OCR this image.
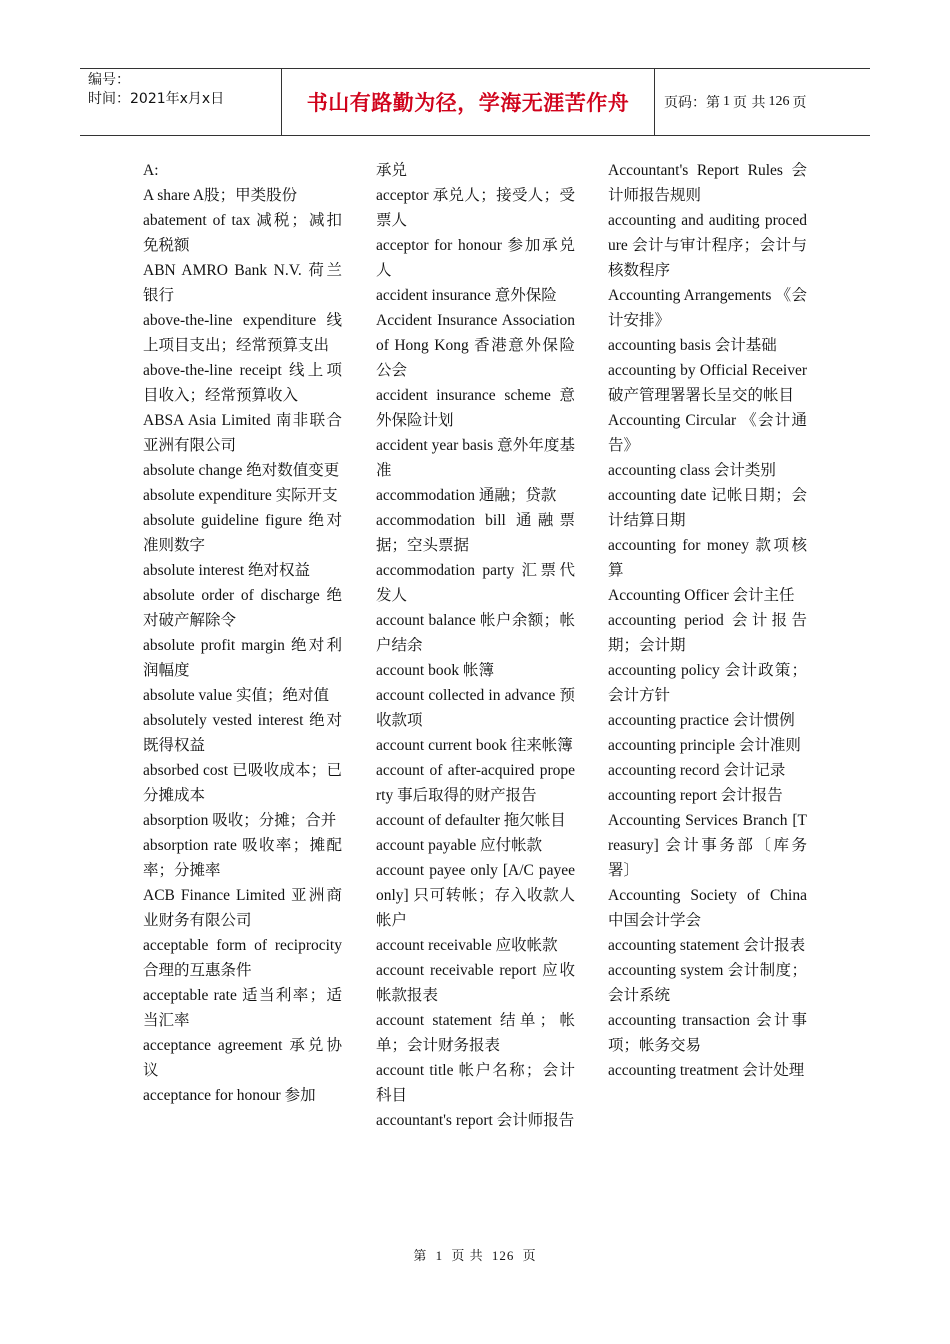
编号：
时间：2021年x月x日	书山有路勤为径，学海无涯苦作舟 页码：第 1 页 共 126 页
A:
A share A股；甲类股份
abatement of tax 减税；减扣免税额
ABN AMRO Bank N.V. 荷兰银行
above-the-line expenditure 线上项目支出；经常预算支出
above-the-line receipt 线上项目收入；经常预算收入
ABSA Asia Limited 南非联合亚洲有限公司
absolute change 绝对数值变更
absolute expenditure 实际开支
absolute guideline figure 绝对准则数字
absolute interest 绝对权益
absolute order of discharge 绝对破产解除令
absolute profit margin 绝对利润幅度
absolute value 实值；绝对值
absolutely vested interest 绝对既得权益
absorbed cost 已吸收成本；已分摊成本
absorption 吸收；分摊；合并
absorption rate 吸收率；摊配率；分摊率
ACB Finance Limited 亚洲商业财务有限公司
acceptable form of reciprocity 合理的互惠条件
acceptable rate 适当利率；适当汇率
acceptance agreement 承兑协议
acceptance for honour 参加
承兑
acceptor 承兑人；接受人；受票人
acceptor for honour 参加承兑人
accident insurance 意外保险
Accident Insurance Association of Hong Kong 香港意外保险公会
accident insurance scheme 意外保险计划
accident year basis 意外年度基准
accommodation 通融；贷款
accommodation bill 通融票据；空头票据
accommodation party 汇票代发人
account balance 帐户余额；帐户结余
account book 帐簿
account collected in advance 预收款项
account current book 往来帐簿
account of after-acquired property 事后取得的财产报告
account of defaulter 拖欠帐目
account payable 应付帐款
account payee only [A/C payee only] 只可转帐；存入收款人帐户
account receivable 应收帐款
account receivable report 应收帐款报表
account statement 结单；帐单；会计财务报表
account title 帐户名称；会计科目
accountant's report 会计师报告
Accountant's Report Rules 会计师报告规则
accounting and auditing procedure 会计与审计程序；会计与核数程序
Accounting Arrangements 《会计安排》
accounting basis 会计基础
accounting by Official Receiver 破产管理署署长呈交的帐目
Accounting Circular 《会计通告》
accounting class 会计类别
accounting date 记帐日期；会计结算日期
accounting for money 款项核算
Accounting Officer 会计主任
accounting period 会计报告期；会计期
accounting policy 会计政策；会计方针
accounting practice 会计惯例
accounting principle 会计准则
accounting record 会计记录
accounting report 会计报告
Accounting Services Branch [Treasury] 会计事务部〔库务署〕
Accounting Society of China 中国会计学会
accounting statement 会计报表
accounting system 会计制度；会计系统
accounting transaction 会计事项；帐务交易
accounting treatment 会计处理
第 1 页 共 126 页
